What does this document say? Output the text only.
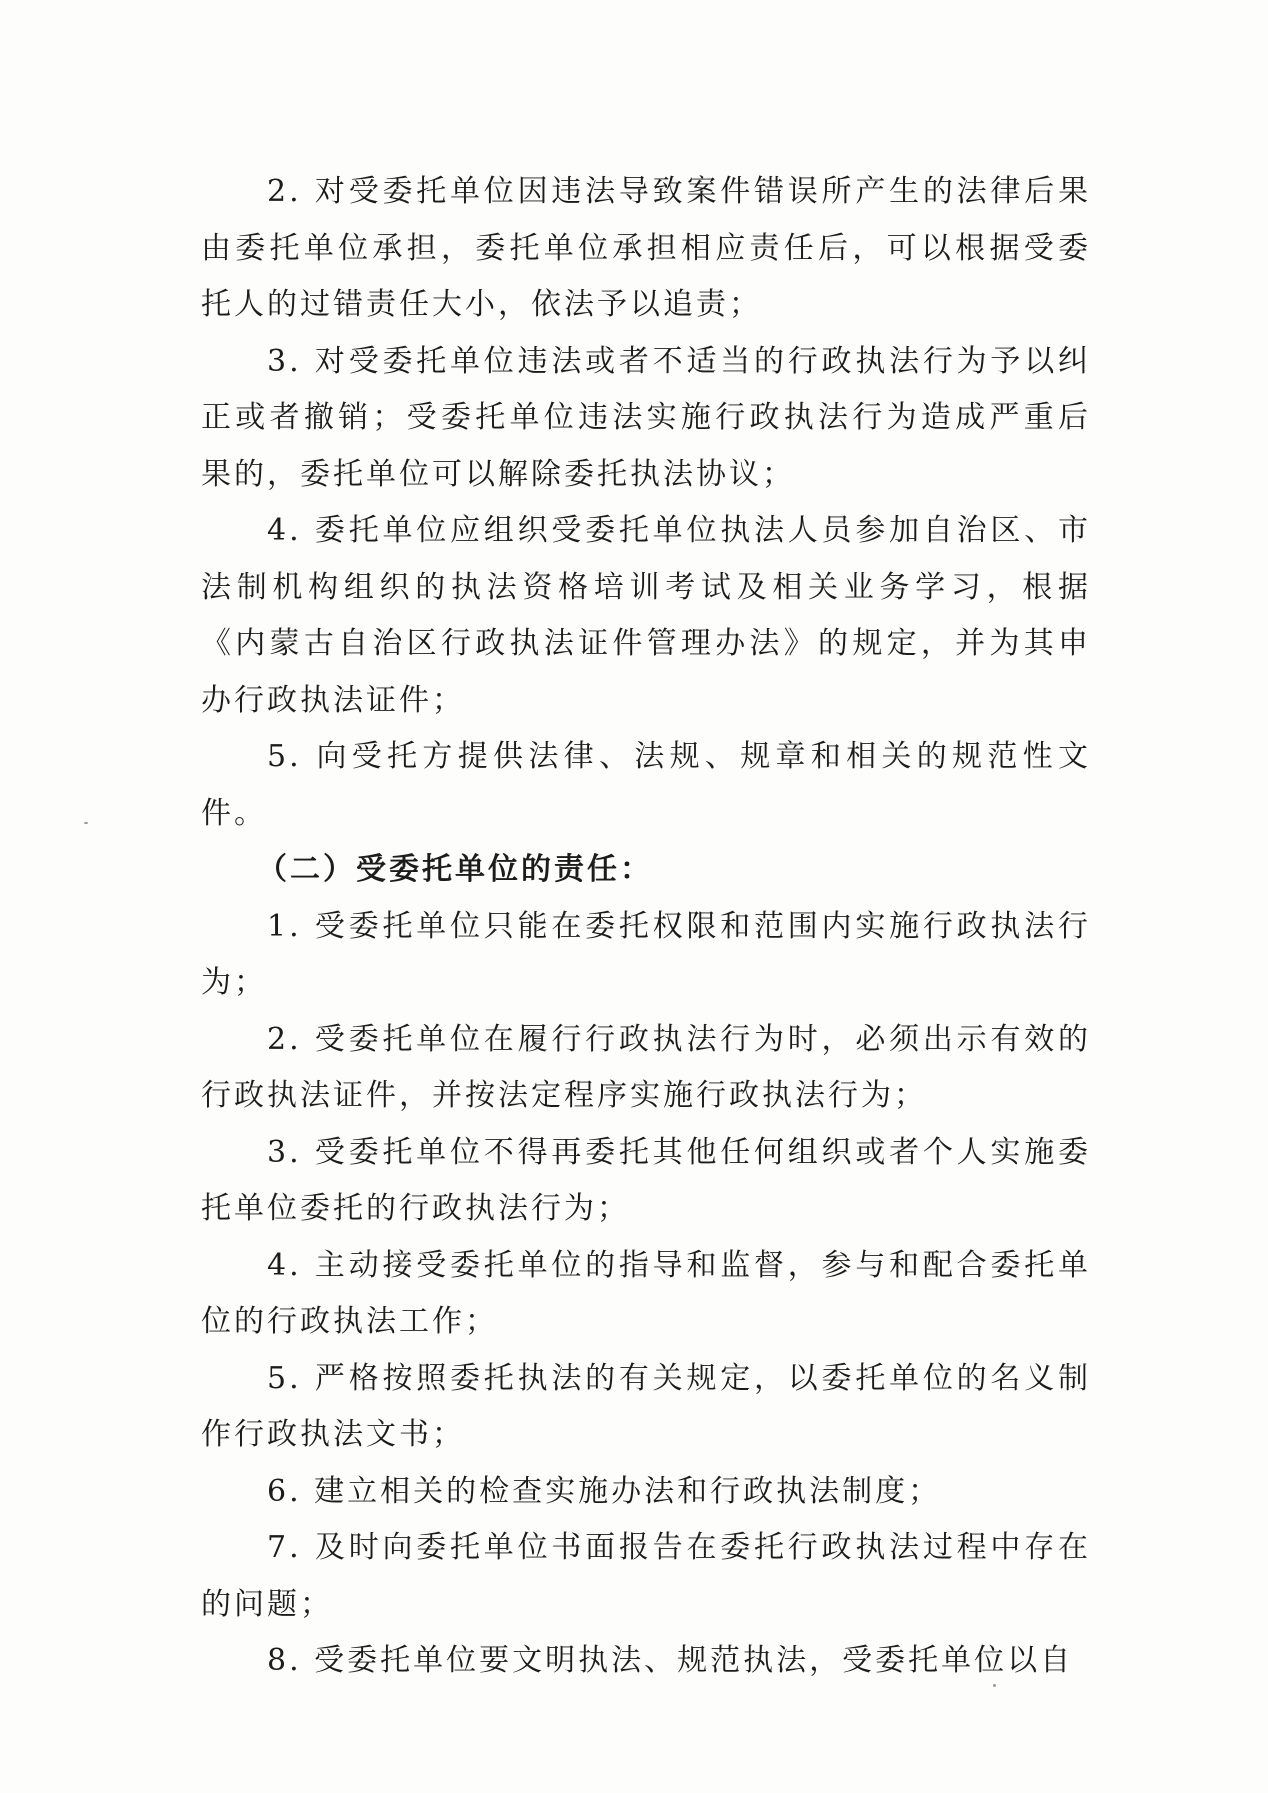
2. 对受委托单位因违法导致案件错误所产生的法律后果由委托单位承担，委托单位承担相应责任后，可以根据受委托人的过错责任大小，依法予以追责；

3. 对受委托单位违法或者不适当的行政执法行为予以纠正或者撤销；受委托单位违法实施行政执法行为造成严重后果的，委托单位可以解除委托执法协议；

4. 委托单位应组织受委托单位执法人员参加自治区、市法制机构组织的执法资格培训考试及相关业务学习，根据《内蒙古自治区行政执法证件管理办法》的规定，并为其申办行政执法证件；

5. 向受托方提供法律、法规、规章和相关的规范性文件。

（二）受委托单位的责任：

1. 受委托单位只能在委托权限和范围内实施行政执法行为；

2. 受委托单位在履行行政执法行为时，必须出示有效的行政执法证件，并按法定程序实施行政执法行为；

3. 受委托单位不得再委托其他任何组织或者个人实施委托单位委托的行政执法行为；

4. 主动接受委托单位的指导和监督，参与和配合委托单位的行政执法工作；

5. 严格按照委托执法的有关规定，以委托单位的名义制作行政执法文书；

6. 建立相关的检查实施办法和行政执法制度；

7. 及时向委托单位书面报告在委托行政执法过程中存在的问题；

8. 受委托单位要文明执法、规范执法，受委托单位以自
